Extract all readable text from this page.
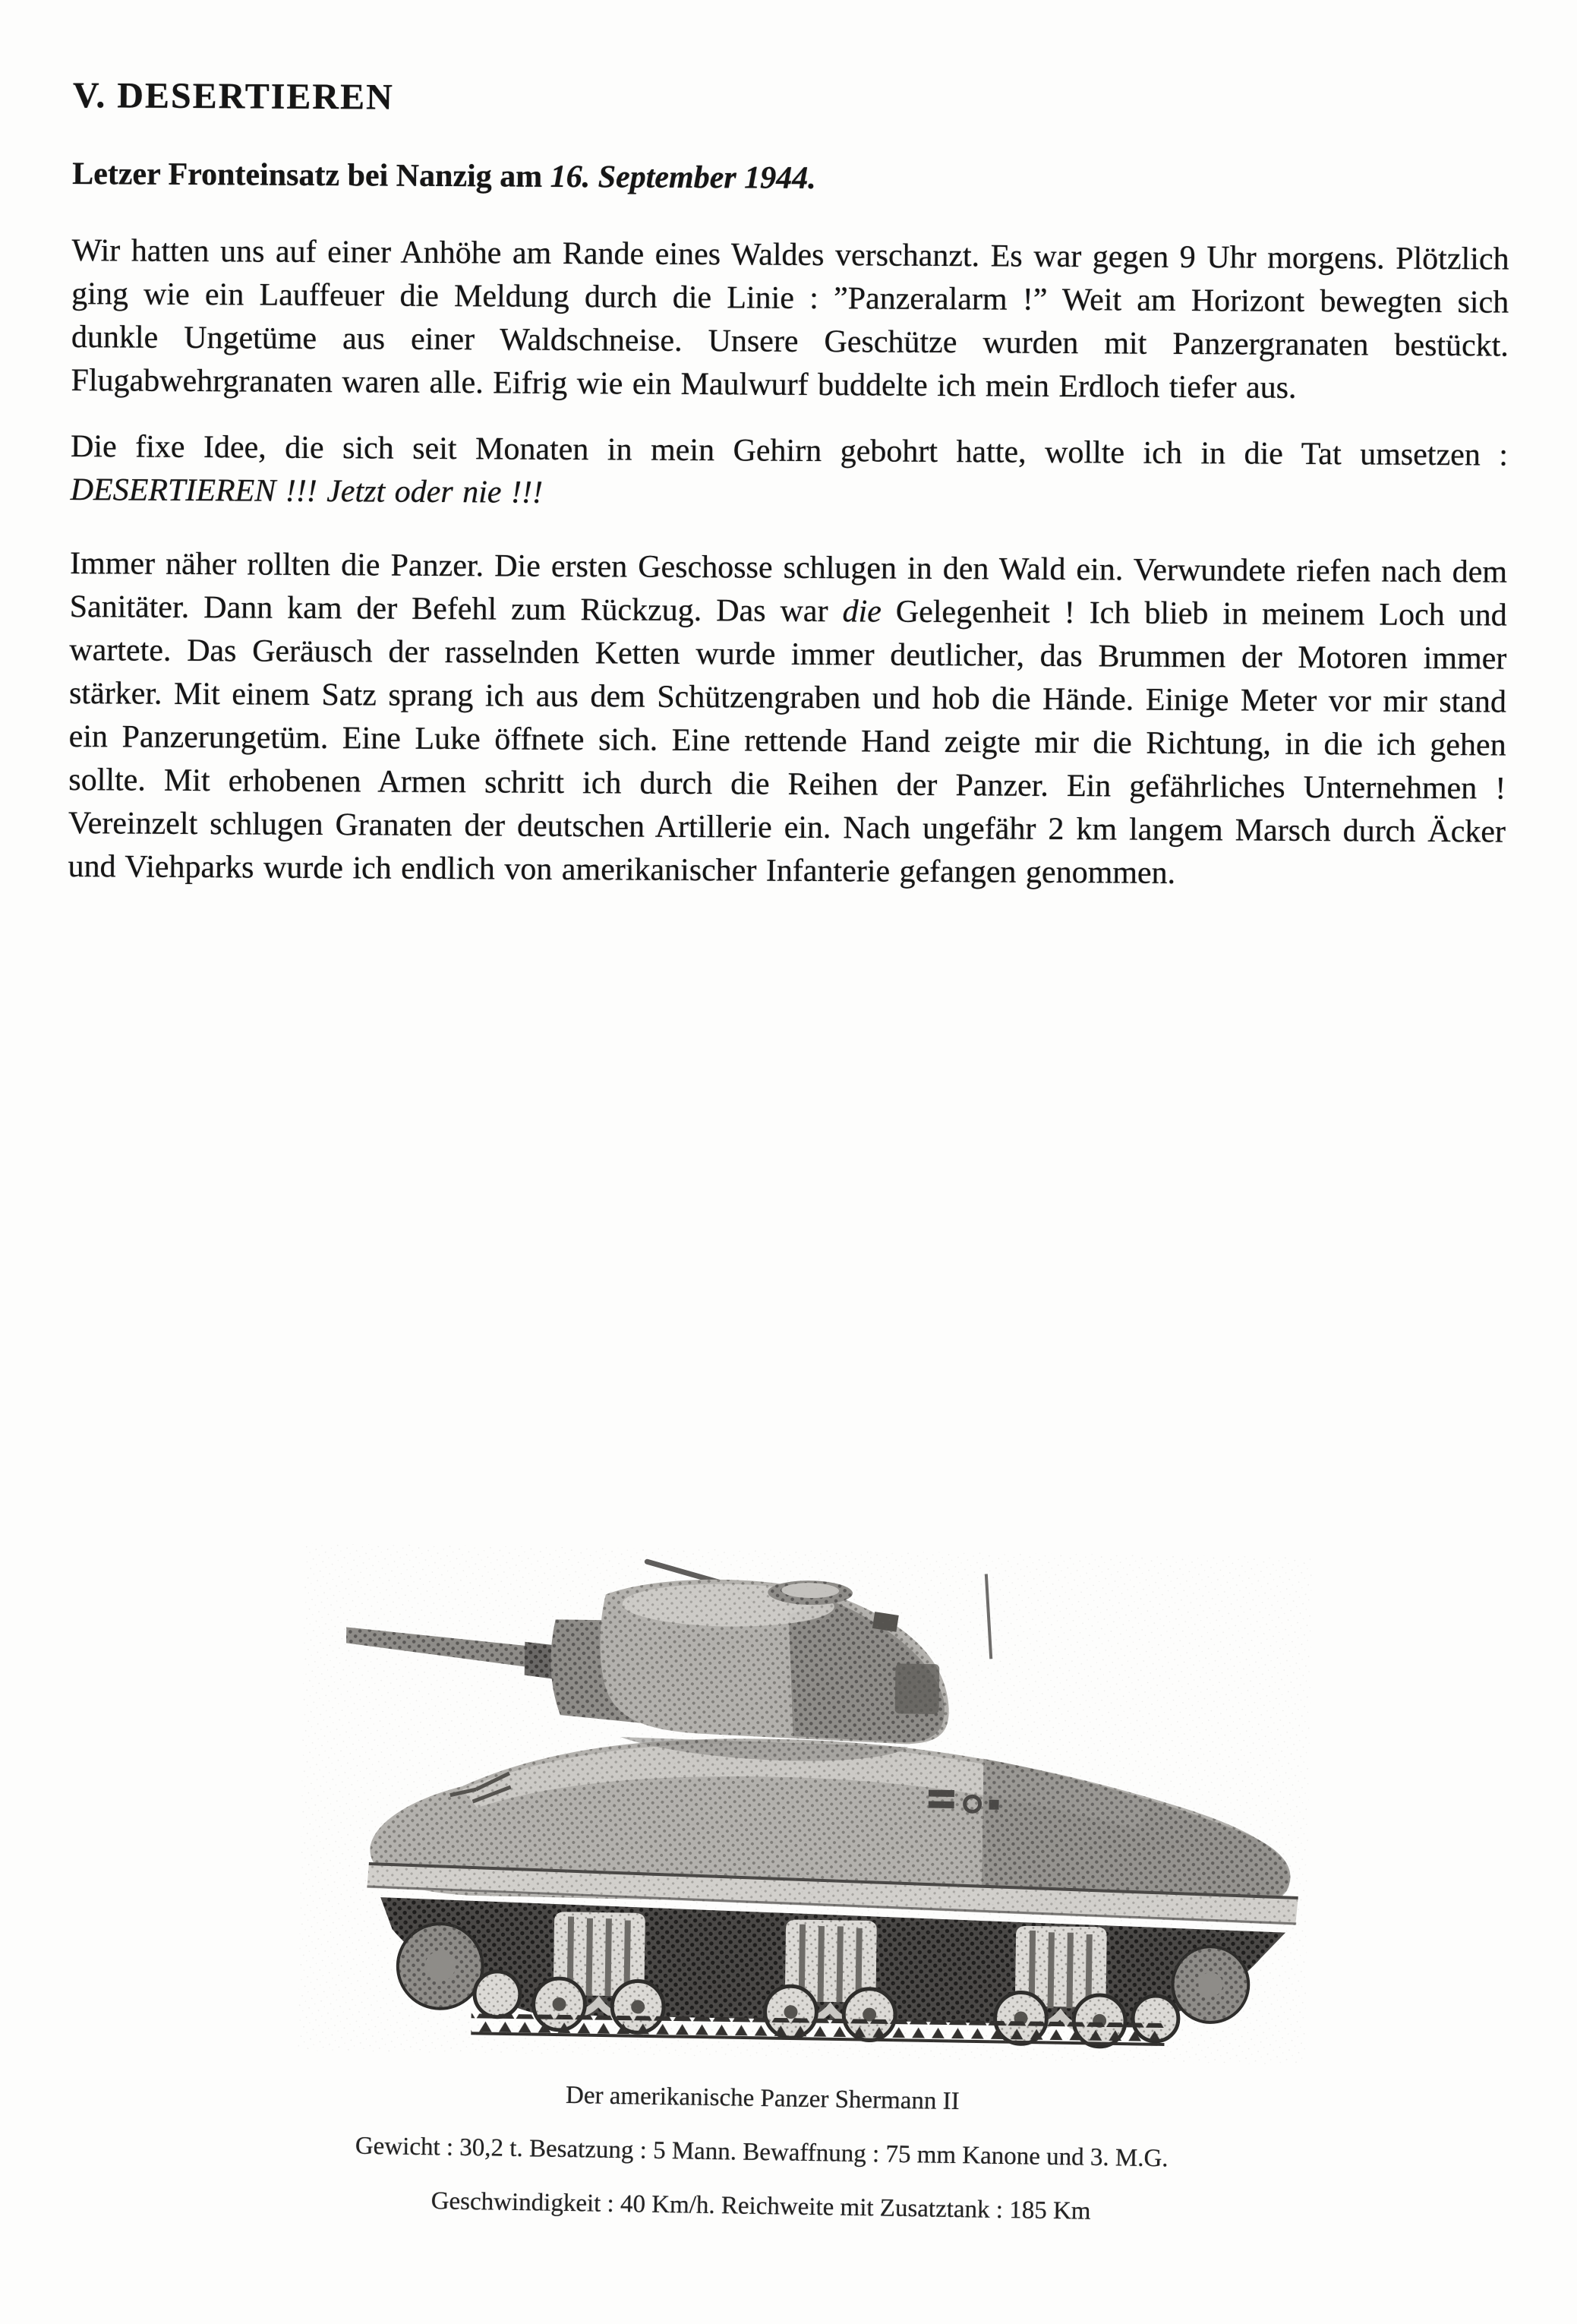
V. DESERTIEREN

Letzer Fronteinsatz bei Nanzig am 16. September 1944.

Wir hatten uns auf einer Anhöhe am Rande eines Waldes verschanzt. Es war gegen 9 Uhr morgens. Plötzlich ging wie ein Lauffeuer die Meldung durch die Linie : ”Panzeralarm !” Weit am Horizont bewegten sich dunkle Ungetüme aus einer Waldschneise. Unsere Geschütze wurden mit Panzergranaten bestückt. Flugabwehrgranaten waren alle. Eifrig wie ein Maulwurf buddelte ich mein Erdloch tiefer aus.

Die fixe Idee, die sich seit Monaten in mein Gehirn gebohrt hatte, wollte ich in die Tat umsetzen : DESERTIEREN !!! Jetzt oder nie !!!

Immer näher rollten die Panzer. Die ersten Geschosse schlugen in den Wald ein. Verwundete riefen nach dem Sanitäter. Dann kam der Befehl zum Rückzug. Das war die Gelegenheit ! Ich blieb in meinem Loch und wartete. Das Geräusch der rasselnden Ketten wurde immer deutlicher, das Brummen der Motoren immer stärker. Mit einem Satz sprang ich aus dem Schützengraben und hob die Hände. Einige Meter vor mir stand ein Panzerungetüm. Eine Luke öffnete sich. Eine rettende Hand zeigte mir die Richtung, in die ich gehen sollte. Mit erhobenen Armen schritt ich durch die Reihen der Panzer. Ein gefährliches Unternehmen ! Vereinzelt schlugen Granaten der deutschen Artillerie ein. Nach ungefähr 2 km langem Marsch durch Äcker und Viehparks wurde ich endlich von amerikanischer Infanterie gefangen genommen.

Der amerikanische Panzer Shermann II
Gewicht : 30,2 t. Besatzung : 5 Mann. Bewaffnung : 75 mm Kanone und 3. M.G.
Geschwindigkeit : 40 Km/h. Reichweite mit Zusatztank : 185 Km
